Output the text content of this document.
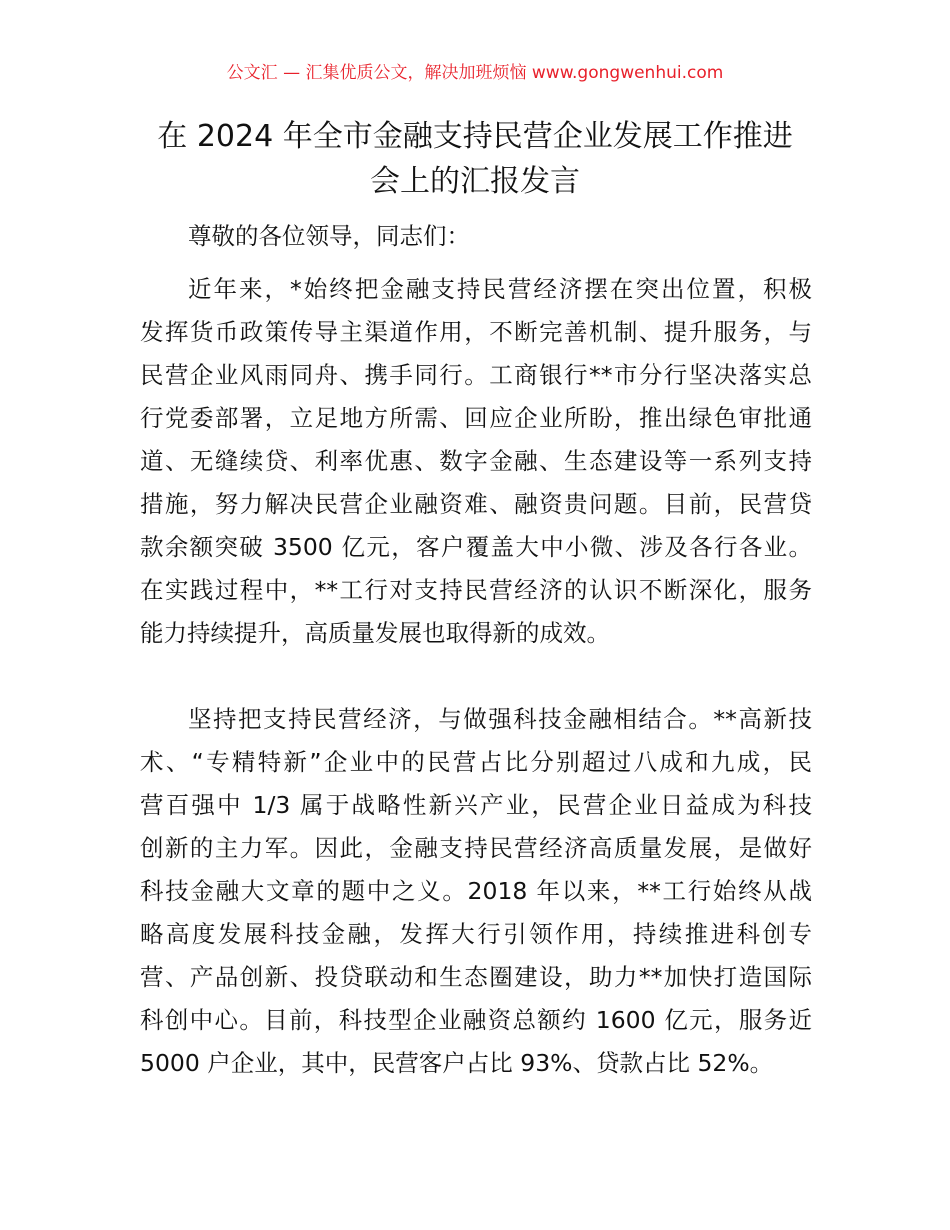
公文汇 — 汇集优质公文，解决加班烦恼 www.gongwenhui.com
在 2024 年全市金融支持民营企业发展工作推进
会上的汇报发言
尊敬的各位领导，同志们：
近年来，*始终把金融支持民营经济摆在突出位置，积极
发挥货币政策传导主渠道作用，不断完善机制、提升服务，与
民营企业风雨同舟、携手同行。工商银行**市分行坚决落实总
行党委部署，立足地方所需、回应企业所盼，推出绿色审批通
道、无缝续贷、利率优惠、数字金融、生态建设等一系列支持
措施，努力解决民营企业融资难、融资贵问题。目前，民营贷
款余额突破 3500 亿元，客户覆盖大中小微、涉及各行各业。
在实践过程中，**工行对支持民营经济的认识不断深化，服务
能力持续提升，高质量发展也取得新的成效。
坚持把支持民营经济，与做强科技金融相结合。**高新技
术、“专精特新”企业中的民营占比分别超过八成和九成，民
营百强中 1/3 属于战略性新兴产业，民营企业日益成为科技
创新的主力军。因此，金融支持民营经济高质量发展，是做好
科技金融大文章的题中之义。2018 年以来，**工行始终从战
略高度发展科技金融，发挥大行引领作用，持续推进科创专
营、产品创新、投贷联动和生态圈建设，助力**加快打造国际
科创中心。目前，科技型企业融资总额约 1600 亿元，服务近
5000 户企业，其中，民营客户占比 93%、贷款占比 52%。
